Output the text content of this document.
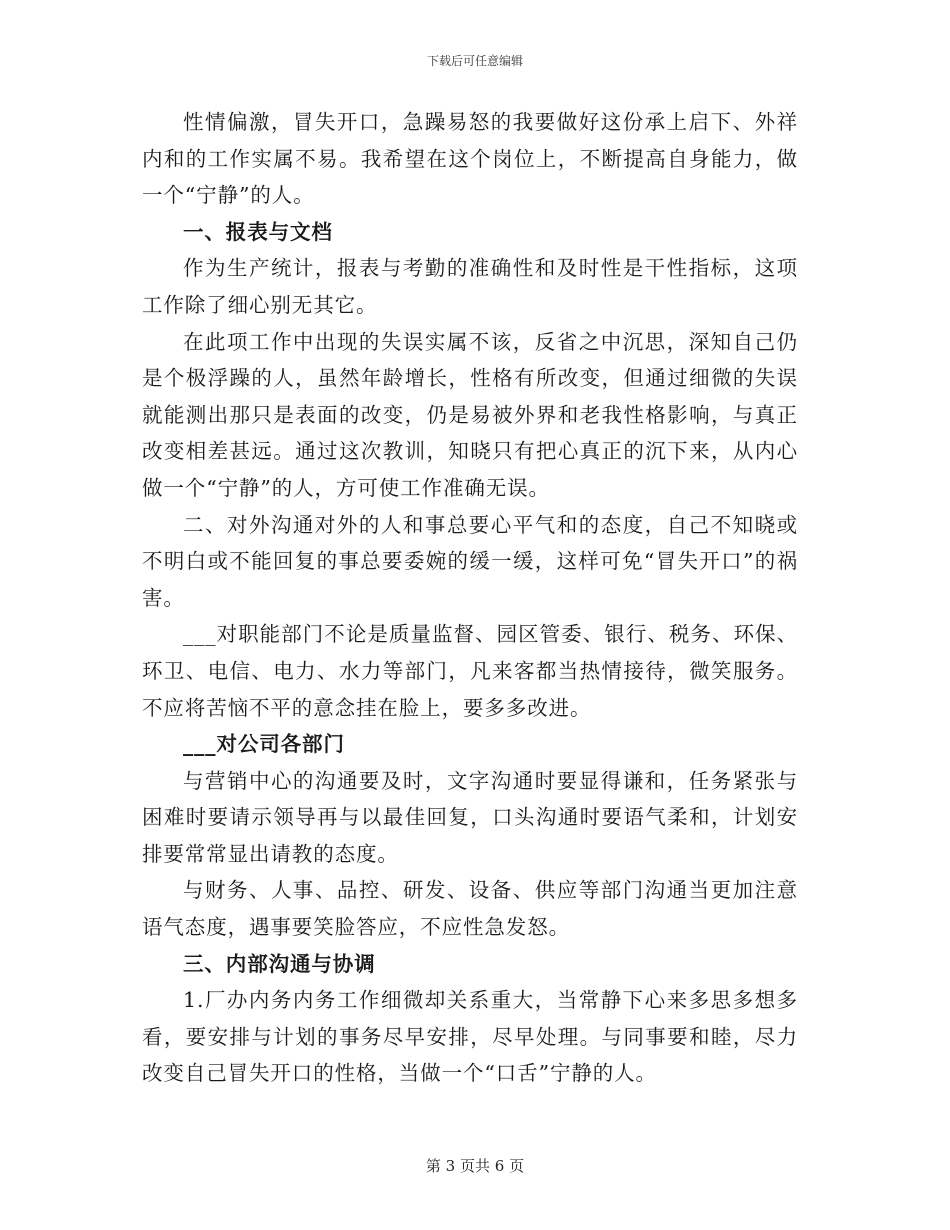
下载后可任意编辑

性情偏激，冒失开口，急躁易怒的我要做好这份承上启下、外祥内和的工作实属不易。我希望在这个岗位上，不断提高自身能力，做一个“宁静”的人。

一、报表与文档

作为生产统计，报表与考勤的准确性和及时性是干性指标，这项工作除了细心别无其它。

在此项工作中出现的失误实属不该，反省之中沉思，深知自己仍是个极浮躁的人，虽然年龄增长，性格有所改变，但通过细微的失误就能测出那只是表面的改变，仍是易被外界和老我性格影响，与真正改变相差甚远。通过这次教训，知晓只有把心真正的沉下来，从内心做一个“宁静”的人，方可使工作准确无误。

二、对外沟通对外的人和事总要心平气和的态度，自己不知晓或不明白或不能回复的事总要委婉的缓一缓，这样可免“冒失开口”的祸害。

___对职能部门不论是质量监督、园区管委、银行、税务、环保、环卫、电信、电力、水力等部门，凡来客都当热情接待，微笑服务。不应将苦恼不平的意念挂在脸上，要多多改进。

___对公司各部门

与营销中心的沟通要及时，文字沟通时要显得谦和，任务紧张与困难时要请示领导再与以最佳回复，口头沟通时要语气柔和，计划安排要常常显出请教的态度。

与财务、人事、品控、研发、设备、供应等部门沟通当更加注意语气态度，遇事要笑脸答应，不应性急发怒。

三、内部沟通与协调

1.厂办内务内务工作细微却关系重大，当常静下心来多思多想多看，要安排与计划的事务尽早安排，尽早处理。与同事要和睦，尽力改变自己冒失开口的性格，当做一个“口舌”宁静的人。

第 3 页共 6 页
